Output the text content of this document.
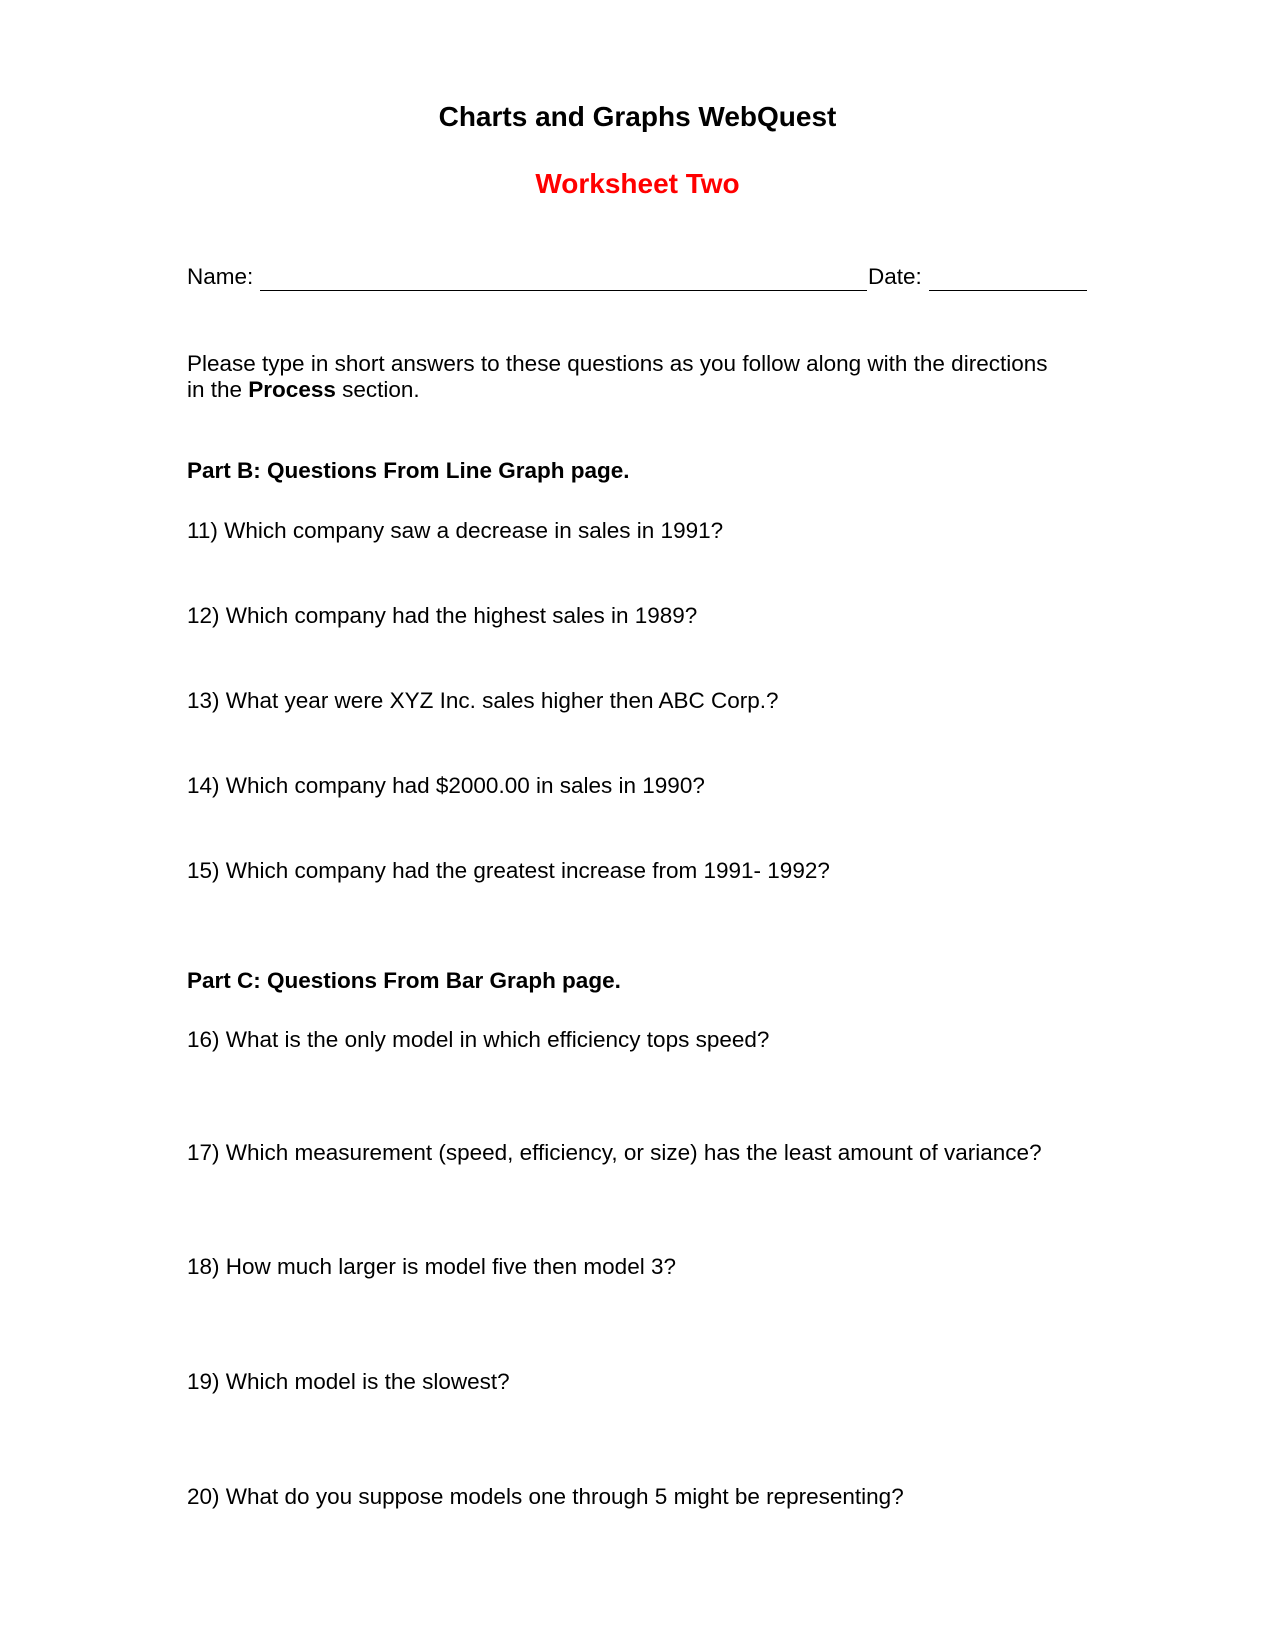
Charts and Graphs WebQuest
Worksheet Two
Name:	Date:
Please type in short answers to these questions as you follow along with the directions in the Process section.
Part B: Questions From Line Graph page.
11) Which company saw a decrease in sales in 1991?
12) Which company had the highest sales in 1989?
13) What year were XYZ Inc. sales higher then ABC Corp.?
14) Which company had $2000.00 in sales in 1990?
15) Which company had the greatest increase from 1991- 1992?
Part C: Questions From Bar Graph page.
16) What is the only model in which efficiency tops speed?
17) Which measurement (speed, efficiency, or size) has the least amount of variance?
18) How much larger is model five then model 3?
19) Which model is the slowest?
20) What do you suppose models one through 5 might be representing?
